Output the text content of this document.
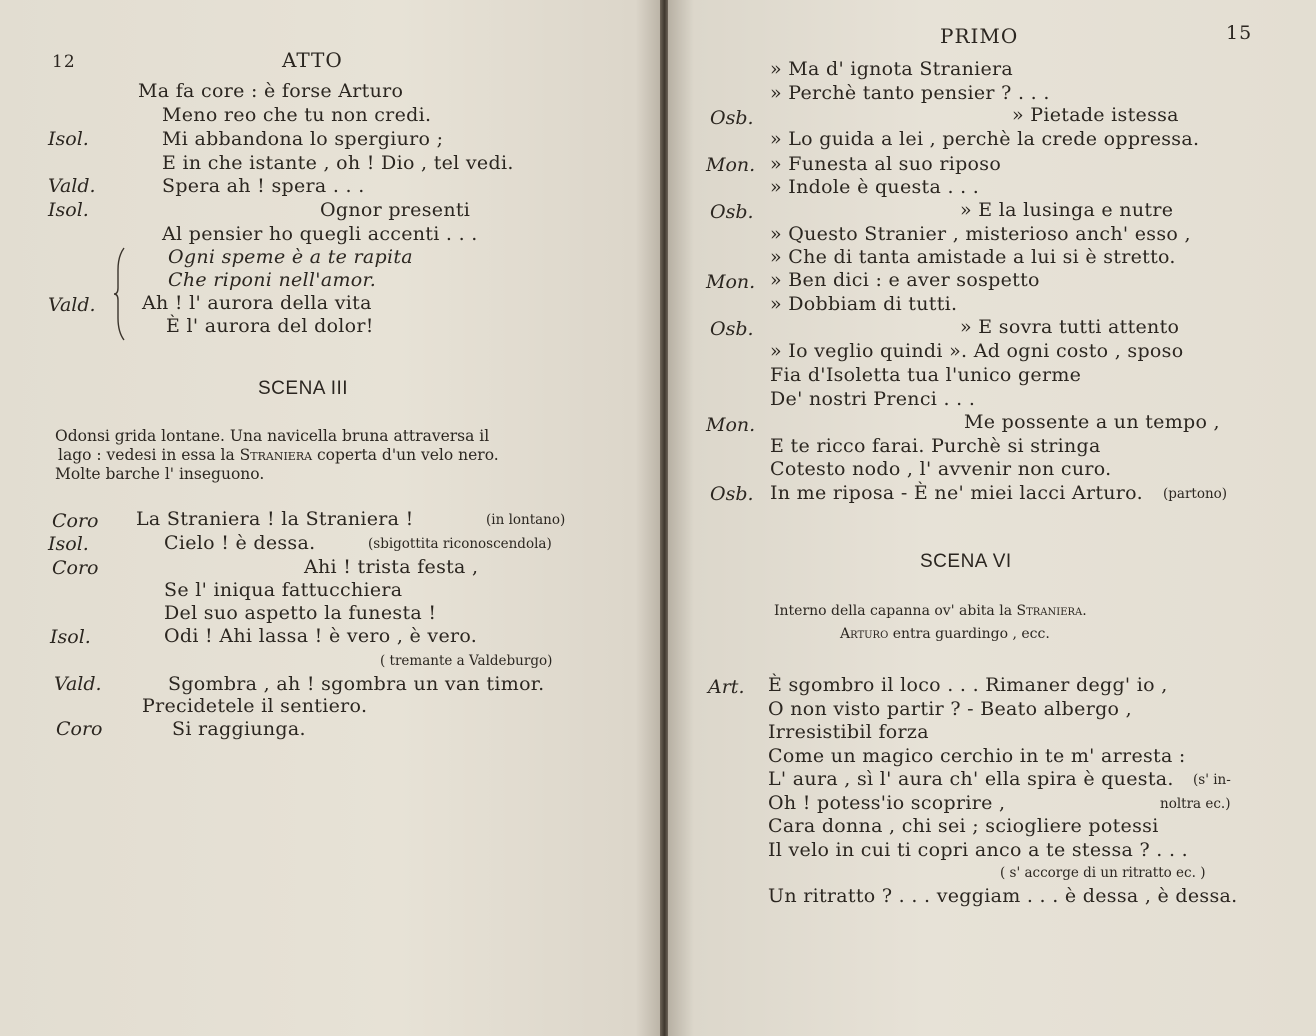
12	ATTO
Ma fa core : è forse Arturo
Meno reo che tu non credi.
Isol.	Mi abbandona lo spergiuro ;
E in che istante , oh ! Dio , tel vedi.
Vald.	Spera ah ! spera . . .
Isol.	Ognor presenti
Al pensier ho quegli accenti . . .
Ogni speme è a te rapita
Che riponi nell'amor.
Vald. Ah ! l' aurora della vita
È l' aurora del dolor!
SCENA III
Odonsi grida lontane. Una navicella bruna attraversa il
lago : vedesi in essa la Straniera coperta d'un velo nero.
Molte barche l' inseguono.
Coro La Straniera ! la Straniera !	(in lontano)
Isol.	Cielo ! è dessa.	(sbigottita riconoscendola)
Coro	Ahi ! trista festa ,
Se l' iniqua fattucchiera
Del suo aspetto la funesta !
Isol.	Odi ! Ahi lassa ! è vero , è vero.
( tremante a Valdeburgo)
Vald.	Sgombra , ah ! sgombra un van timor.
Precidetele il sentiero.
Coro	Si raggiunga.
PRIMO	15
» Ma d' ignota Straniera
» Perchè tanto pensier ? . . .
Osb.	» Pietade istessa
» Lo guida a lei , perchè la crede oppressa.
Mon. » Funesta al suo riposo
» Indole è questa . . .
Osb.	» E la lusinga e nutre
» Questo Stranier , misterioso anch' esso ,
» Che di tanta amistade a lui si è stretto.
Mon. » Ben dici : e aver sospetto
» Dobbiam di tutti.
Osb.	» E sovra tutti attento
» Io veglio quindi ». Ad ogni costo , sposo
Fia d'Isoletta tua l'unico germe
De' nostri Prenci . . .
Mon.	Me possente a un tempo ,
E te ricco farai. Purchè si stringa
Cotesto nodo , l' avvenir non curo.
Osb. In me riposa - È ne' miei lacci Arturo. (partono)
SCENA VI
Interno della capanna ov' abita la Straniera.
Arturo entra guardingo , ecc.
Art. È sgombro il loco . . . Rimaner degg' io ,
O non visto partir ? - Beato albergo ,
Irresistibil forza
Come un magico cerchio in te m' arresta :
L' aura , sì l' aura ch' ella spira è questa. (s' in-
Oh ! potess'io scoprire ,	noltra ec.)
Cara donna , chi sei ; sciogliere potessi
Il velo in cui ti copri anco a te stessa ? . . .
( s' accorge di un ritratto ec. )
Un ritratto ? . . . veggiam . . . è dessa , è dessa.
